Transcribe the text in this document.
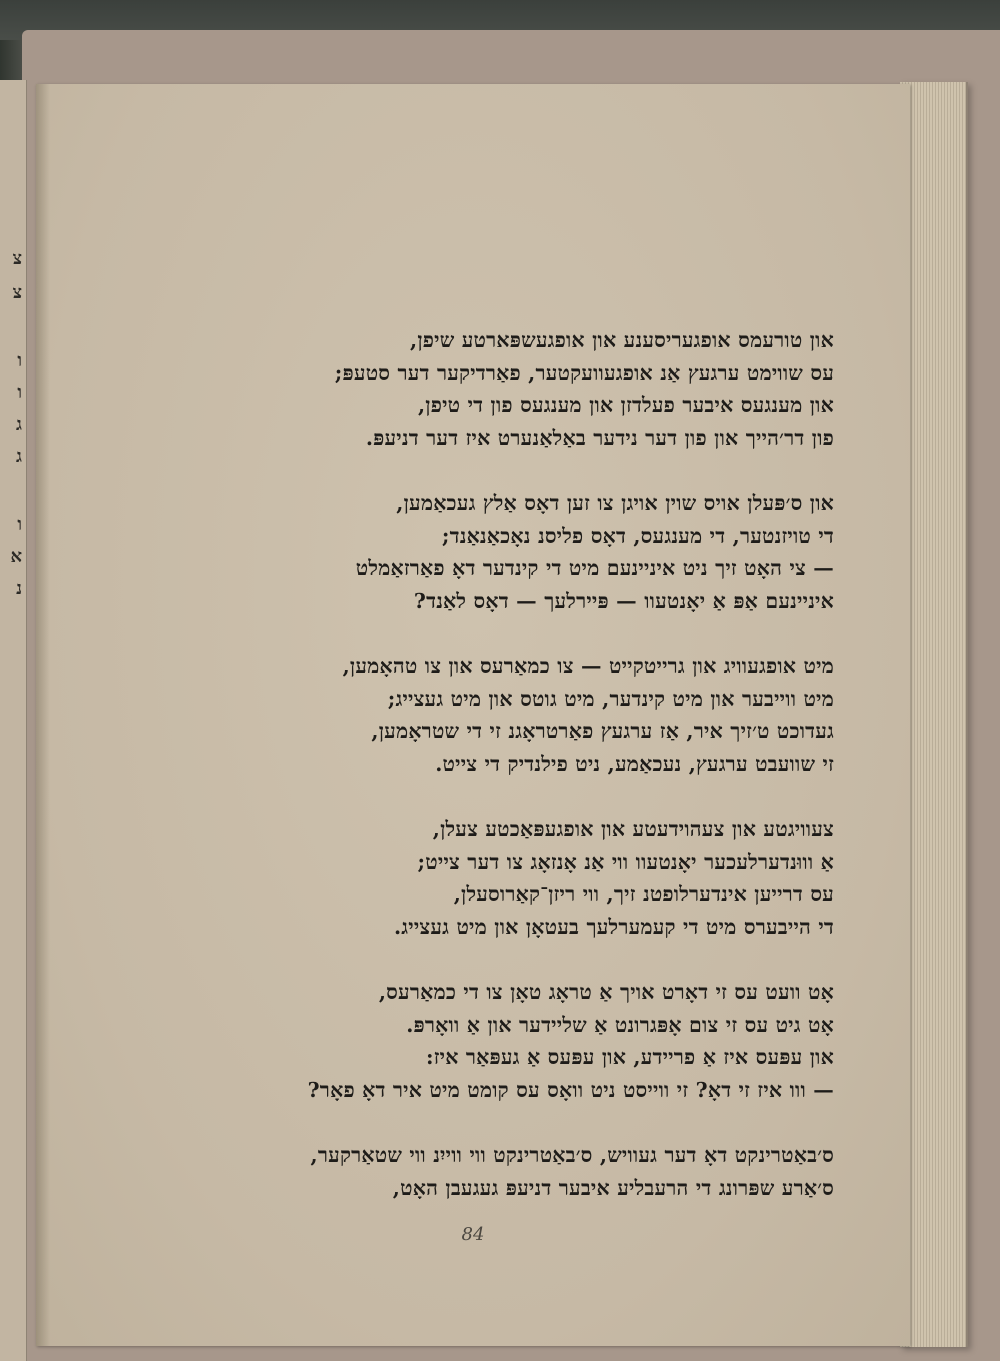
צ
צ
ו
ו
ג
ג
ו
א
נ
און טורעמס אופגעריסענע און אופגעשפּארטע שיפן,
עס שווימט ערגעץ אַנ אופגעוועקטער, פאַרדיקער דער סטעפּ;
און מענגעס איבער פעלדזן און מענגעס פון די טיפן,
פון דר׳הייך און פון דער נידער באַלאַנערט איז דער דניעפּ.
און ס׳פּעלן אויס שוין אויגן צו זען דאָס אַלץ געכאַמען,
די טויזנטער, די מענגעס, דאָס פליסנ נאָכאַנאַנד;
— צי האָט זיך ניט איניינעם מיט די קינדער דאָ פאַרזאַמלט
איניינעם אַפּ אַ יאָנטעוו — פּיירלעך — דאָס לאַנד?
מיט אופגעוויג און גרייטקייט — צו כמאַרעס און צו טהאָמען,
מיט ווייבער און מיט קינדער, מיט גוטס און מיט געצייג;
געדוכט ט׳זיך איר, אַז ערגעץ פאַרטראָגנ זי די שטראָמען,
זי שוועבט ערגעץ, נעכאַמע, ניט פילנדיק די צייט.
צעוויגטע און צעהוידעטע און אופגעפּאַכטע צעלן,
אַ וווּנדערלעכער יאָנטעוו ווי אַנ אָנזאָג צו דער צייט;
עס דרייען אינדערלופטנ זיך, ווי ריזן־קאַרוסעלן,
די הייבערס מיט די קעמערלעך בעטאָן און מיט געצייג.
אָט וועט עס זי דאָרט אויך אַ טראָג טאָן צו די כמאַרעס,
אָט גיט עס זי צום אָפּגרונט אַ שליידער און אַ וואָרפּ.
און עפּעס איז אַ פריידע, און עפּעס אַ געפּאַר איז:
— ווו איז זי דאָ? זי ווייסט ניט וואָס עס קומט מיט איר דאָ פאָר?
ס׳באַטרינקט דאָ דער געוויש, ס׳באַטרינקט ווי ווייִנ ווי שטאַרקער,
ס׳אַרע שפּרונג די הרעבליע איבער דניעפּ געגעבן האָט,
84
